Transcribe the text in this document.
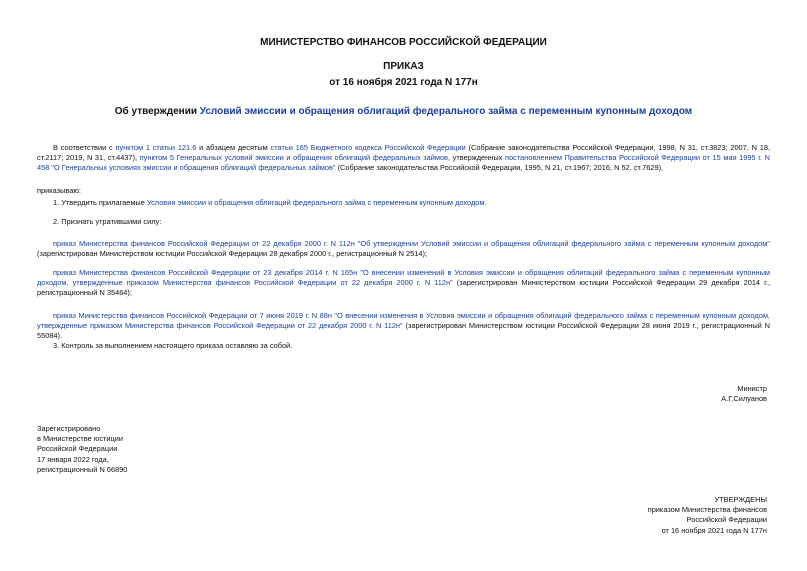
МИНИСТЕРСТВО ФИНАНСОВ РОССИЙСКОЙ ФЕДЕРАЦИИ
ПРИКАЗ
от 16 ноября 2021 года N 177н
Об утверждении Условий эмиссии и обращения облигаций федерального займа с переменным купонным доходом

В соответствии с пунктом 1 статьи 121.6 и абзацем десятым статьи 165 Бюджетного кодекса Российской Федерации (Собрание законодательства Российской Федерации, 1998, N 31, ст.3823; 2007, N 18, ст.2117; 2019, N 31, ст.4437), пунктом 5 Генеральных условий эмиссии и обращения облигаций федеральных займов, утвержденных постановлением Правительства Российской Федерации от 15 мая 1995 г. N 458 "О Генеральных условиях эмиссии и обращения облигаций федеральных займов" (Собрание законодательства Российской Федерации, 1995, N 21, ст.1967; 2016, N 52, ст.7629),

приказываю:

1. Утвердить прилагаемые Условия эмиссии и обращения облигаций федерального займа с переменным купонным доходом.

2. Признать утратившими силу:

приказ Министерства финансов Российской Федерации от 22 декабря 2000 г. N 112н "Об утверждении Условий эмиссии и обращения облигаций федерального займа с переменным купонным доходом" (зарегистрирован Министерством юстиции Российской Федерации 28 декабря 2000 г., регистрационный N 2514);

приказ Министерства финансов Российской Федерации от 23 декабря 2014 г. N 165н "О внесении изменений в Условия эмиссии и обращения облигаций федерального займа с переменным купонным доходом, утвержденные приказом Министерства финансов Российской Федерации от 22 декабря 2000 г. N 112н" (зарегистрирован Министерством юстиции Российской Федерации 29 декабря 2014 г., регистрационный N 35464);

приказ Министерства финансов Российской Федерации от 7 июня 2019 г. N 88н "О внесении изменения в Условия эмиссии и обращения облигаций федерального займа с переменным купонным доходом, утвержденные приказом Министерства финансов Российской Федерации от 22 декабря 2000 г. N 112н" (зарегистрирован Министерством юстиции Российской Федерации 28 июня 2019 г., регистрационный N 55084).

3. Контроль за выполнением настоящего приказа оставляю за собой.

Министр
А.Г.Силуанов
Зарегистрировано
в Министерстве юстиции
Российской Федерации
17 января 2022 года,
регистрационный N 66890
УТВЕРЖДЕНЫ
приказом Министерства финансов
Российской Федерации
от 16 ноября 2021 года N 177н
